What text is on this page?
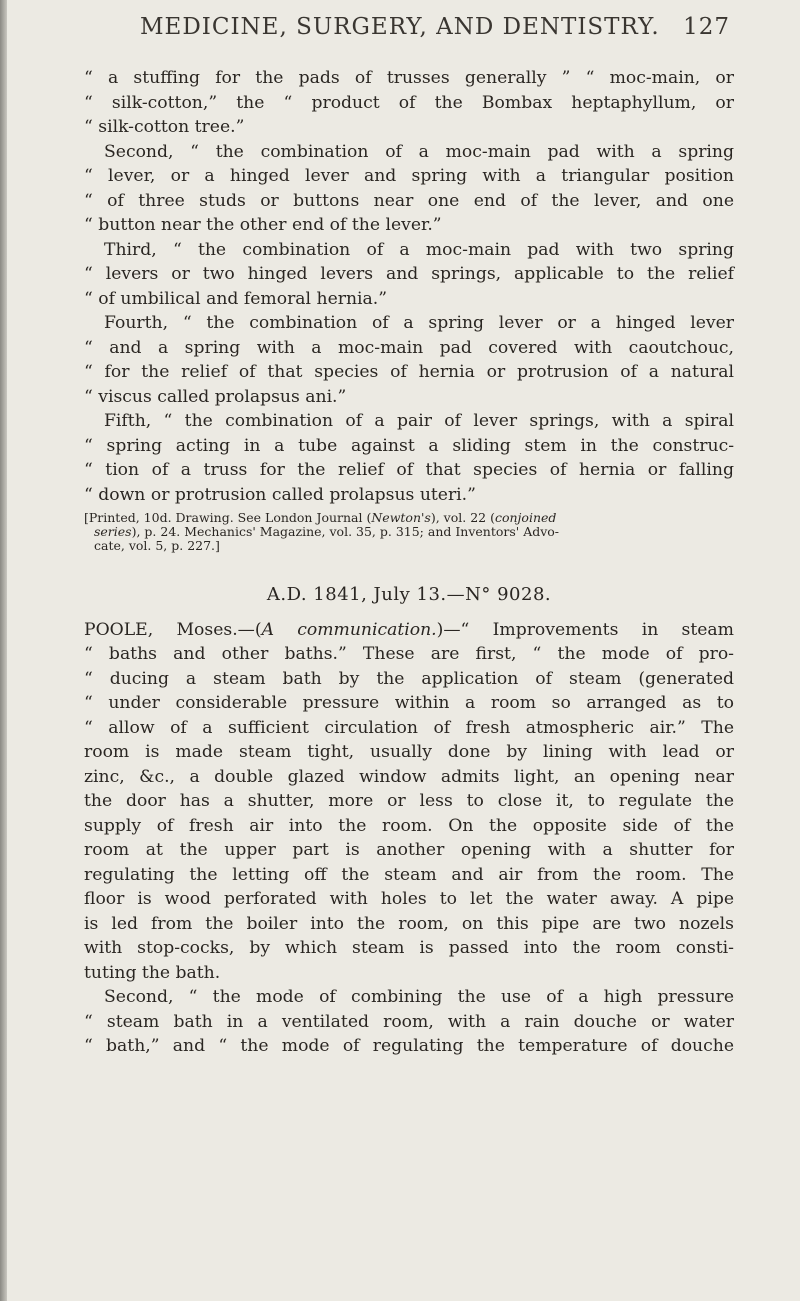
MEDICINE, SURGERY, AND DENTISTRY. 127
“ a stuffing for the pads of trusses generally ” “ moc-main, or
“ silk-cotton,” the “ product of the Bombax heptaphyllum, or
“ silk-cotton tree.”
Second, “ the combination of a moc-main pad with a spring
“ lever, or a hinged lever and spring with a triangular position
“ of three studs or buttons near one end of the lever, and one
“ button near the other end of the lever.”
Third, “ the combination of a moc-main pad with two spring
“ levers or two hinged levers and springs, applicable to the relief
“ of umbilical and femoral hernia.”
Fourth, “ the combination of a spring lever or a hinged lever
“ and a spring with a moc-main pad covered with caoutchouc,
“ for the relief of that species of hernia or protrusion of a natural
“ viscus called prolapsus ani.”
Fifth, “ the combination of a pair of lever springs, with a spiral
“ spring acting in a tube against a sliding stem in the construc-
“ tion of a truss for the relief of that species of hernia or falling
“ down or protrusion called prolapsus uteri.”
[Printed, 10d. Drawing. See London Journal (Newton's), vol. 22 (conjoined
series), p. 24. Mechanics' Magazine, vol. 35, p. 315; and Inventors' Advo-
cate, vol. 5, p. 227.]
A.D. 1841, July 13.—N° 9028.
POOLE, Moses.—(A communication.)—“ Improvements in steam
“ baths and other baths.” These are first, “ the mode of pro-
“ ducing a steam bath by the application of steam (generated
“ under considerable pressure within a room so arranged as to
“ allow of a sufficient circulation of fresh atmospheric air.” The
room is made steam tight, usually done by lining with lead or
zinc, &c., a double glazed window admits light, an opening near
the door has a shutter, more or less to close it, to regulate the
supply of fresh air into the room. On the opposite side of the
room at the upper part is another opening with a shutter for
regulating the letting off the steam and air from the room. The
floor is wood perforated with holes to let the water away. A pipe
is led from the boiler into the room, on this pipe are two nozels
with stop-cocks, by which steam is passed into the room consti-
tuting the bath.
Second, “ the mode of combining the use of a high pressure
“ steam bath in a ventilated room, with a rain douche or water
“ bath,” and “ the mode of regulating the temperature of douche
